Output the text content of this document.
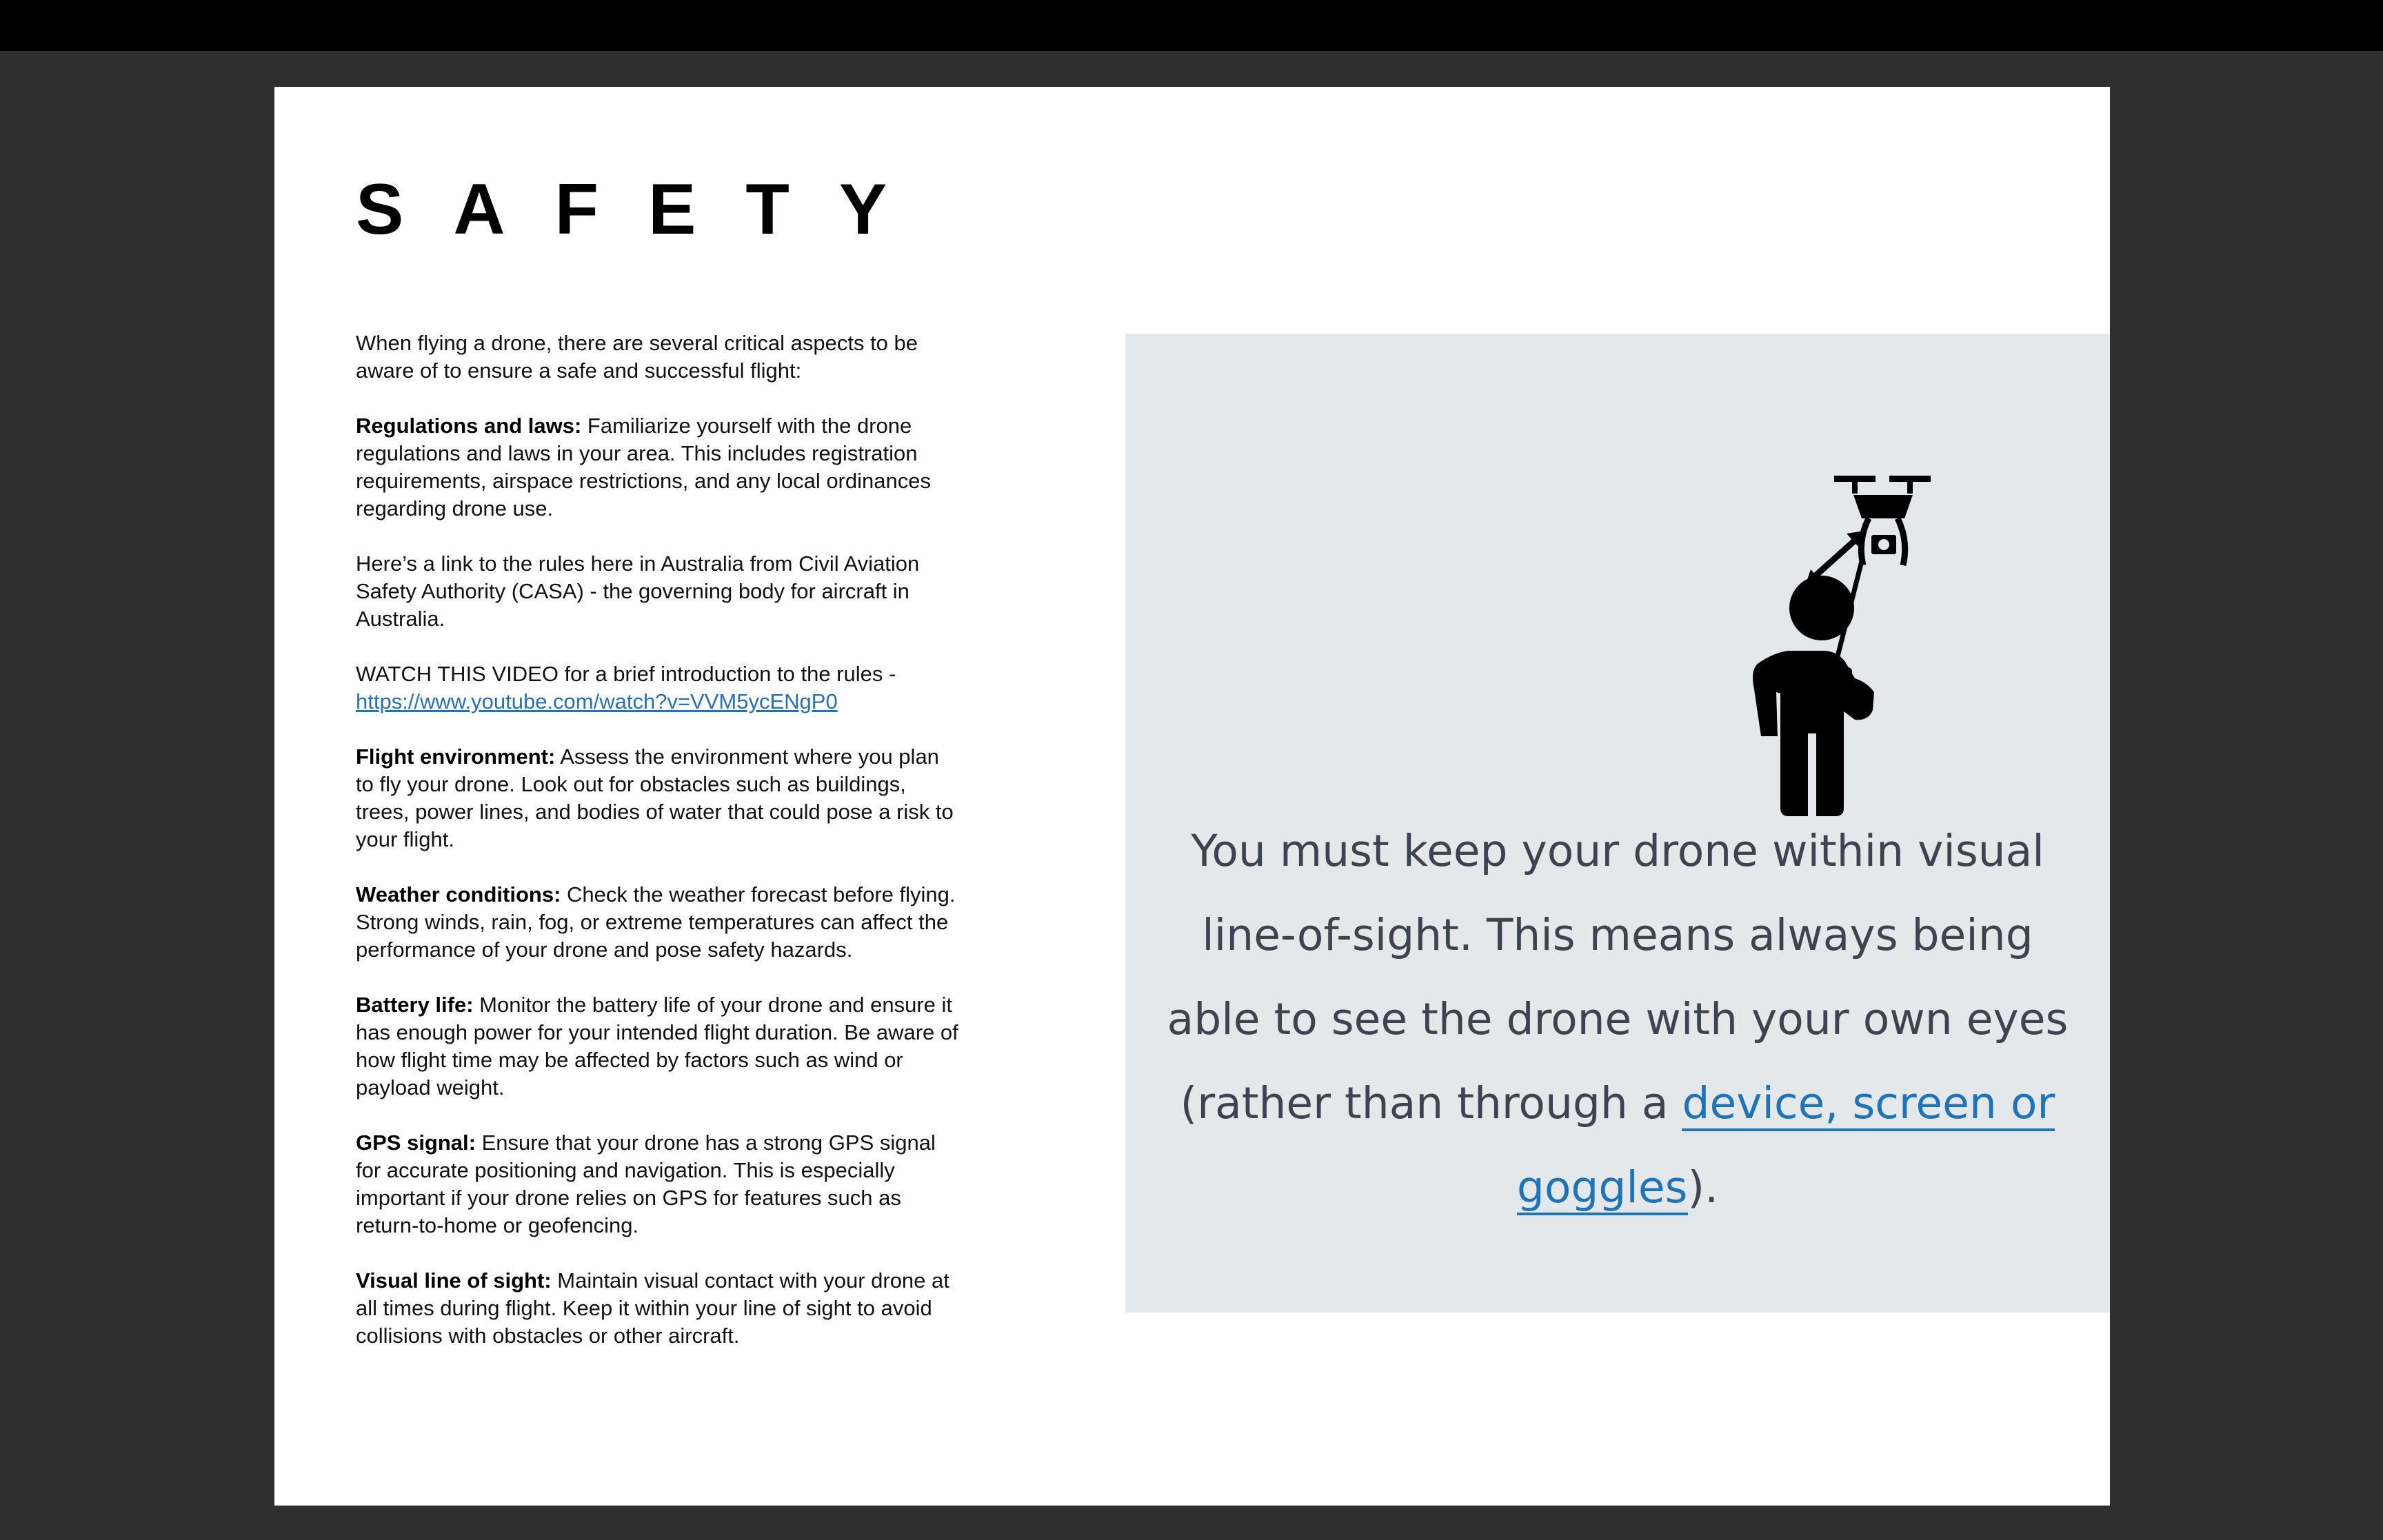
SAFETY

When flying a drone, there are several critical aspects to be aware of to ensure a safe and successful flight:

Regulations and laws: Familiarize yourself with the drone regulations and laws in your area. This includes registration requirements, airspace restrictions, and any local ordinances regarding drone use.

Here’s a link to the rules here in Australia from Civil Aviation Safety Authority (CASA) - the governing body for aircraft in Australia.

WATCH THIS VIDEO for a brief introduction to the rules - https://www.youtube.com/watch?v=VVM5ycENgP0

Flight environment: Assess the environment where you plan to fly your drone. Look out for obstacles such as buildings, trees, power lines, and bodies of water that could pose a risk to your flight.

Weather conditions: Check the weather forecast before flying. Strong winds, rain, fog, or extreme temperatures can affect the performance of your drone and pose safety hazards.

Battery life: Monitor the battery life of your drone and ensure it has enough power for your intended flight duration. Be aware of how flight time may be affected by factors such as wind or payload weight.

GPS signal: Ensure that your drone has a strong GPS signal for accurate positioning and navigation. This is especially important if your drone relies on GPS for features such as return-to-home or geofencing.

Visual line of sight: Maintain visual contact with your drone at all times during flight. Keep it within your line of sight to avoid collisions with obstacles or other aircraft.

You must keep your drone within visual line-of-sight. This means always being able to see the drone with your own eyes (rather than through a device, screen or goggles).
